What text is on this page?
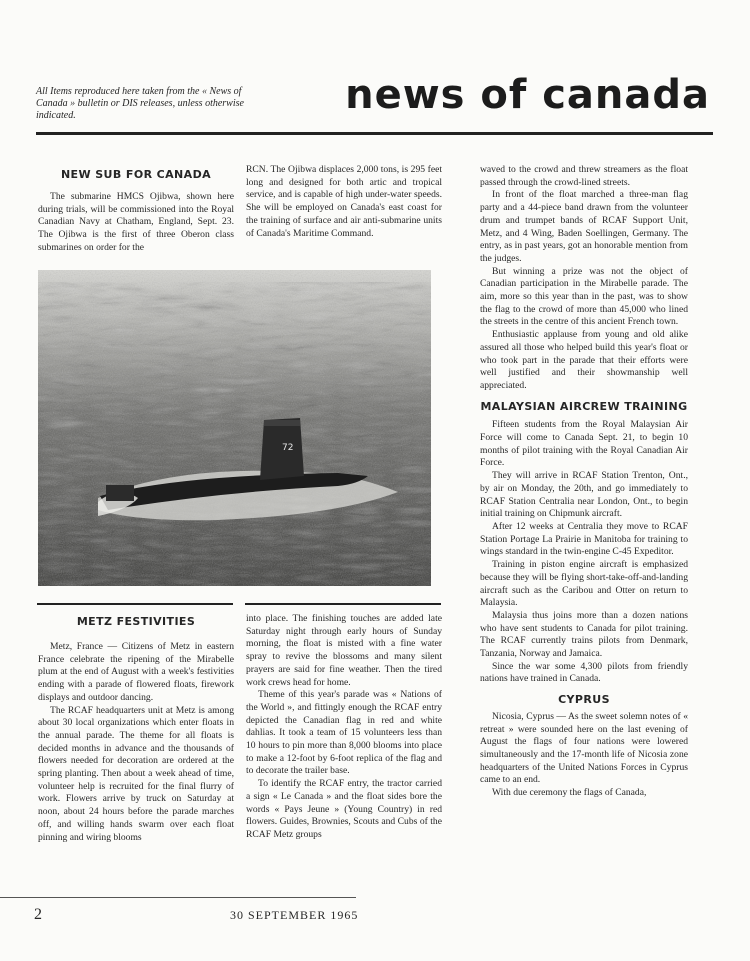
All Items reproduced here taken from the « News of Canada » bulletin or DIS releases, unless otherwise indicated.	news of canada
NEW SUB FOR CANADA

The submarine HMCS Ojibwa, shown here during trials, will be commissioned into the Royal Canadian Navy at Chatham, England, Sept. 23. The Ojibwa is the first of three Oberon class submarines on order for the

RCN. The Ojibwa displaces 2,000 tons, is 295 feet long and designed for both artic and tropical service, and is capable of high under-water speeds. She will be employed on Canada's east coast for the training of surface and air anti-submarine units of Canada's Maritime Command.

72
METZ FESTIVITIES

Metz, France — Citizens of Metz in eastern France celebrate the ripening of the Mirabelle plum at the end of August with a week's festivities ending with a parade of flowered floats, firework displays and outdoor dancing.

The RCAF headquarters unit at Metz is among about 30 local organizations which enter floats in the annual parade. The theme for all floats is decided months in advance and the thousands of flowers needed for decoration are ordered at the spring planting. Then about a week ahead of time, volunteer help is recruited for the final flurry of work. Flowers arrive by truck on Saturday at noon, about 24 hours before the parade marches off, and willing hands swarm over each float pinning and wiring blooms

into place. The finishing touches are added late Saturday night through early hours of Sunday morning, the float is misted with a fine water spray to revive the blossoms and many silent prayers are said for fine weather. Then the tired work crews head for home.

Theme of this year's parade was « Nations of the World », and fittingly enough the RCAF entry depicted the Canadian flag in red and white dahlias. It took a team of 15 volunteers less than 10 hours to pin more than 8,000 blooms into place to make a 12-foot by 6-foot replica of the flag and to decorate the trailer base.

To identify the RCAF entry, the tractor carried a sign « Le Canada » and the float sides bore the words « Pays Jeune » (Young Country) in red flowers. Guides, Brownies, Scouts and Cubs of the RCAF Metz groups

waved to the crowd and threw streamers as the float passed through the crowd-lined streets.

In front of the float marched a three-man flag party and a 44-piece band drawn from the volunteer drum and trumpet bands of RCAF Support Unit, Metz, and 4 Wing, Baden Soellingen, Germany. The entry, as in past years, got an honorable mention from the judges.

But winning a prize was not the object of Canadian participation in the Mirabelle parade. The aim, more so this year than in the past, was to show the flag to the crowd of more than 45,000 who lined the streets in the centre of this ancient French town.

Enthusiastic applause from young and old alike assured all those who helped build this year's float or who took part in the parade that their efforts were well justified and their showmanship well appreciated.

MALAYSIAN AIRCREW TRAINING

Fifteen students from the Royal Malaysian Air Force will come to Canada Sept. 21, to begin 10 months of pilot training with the Royal Canadian Air Force.

They will arrive in RCAF Station Trenton, Ont., by air on Monday, the 20th, and go immediately to RCAF Station Centralia near London, Ont., to begin initial training on Chipmunk aircraft.

After 12 weeks at Centralia they move to RCAF Station Portage La Prairie in Manitoba for training to wings standard in the twin-engine C-45 Expeditor.

Training in piston engine aircraft is emphasized because they will be flying short-take-off-and-landing aircraft such as the Caribou and Otter on return to Malaysia.

Malaysia thus joins more than a dozen nations who have sent students to Canada for pilot training. The RCAF currently trains pilots from Denmark, Tanzania, Norway and Jamaica.

Since the war some 4,300 pilots from friendly nations have trained in Canada.

CYPRUS

Nicosia, Cyprus — As the sweet solemn notes of « retreat » were sounded here on the last evening of August the flags of four nations were lowered simultaneously and the 17-month life of Nicosia zone headquarters of the United Nations Forces in Cyprus came to an end.

With due ceremony the flags of Canada,

2	30 SEPTEMBER 1965
